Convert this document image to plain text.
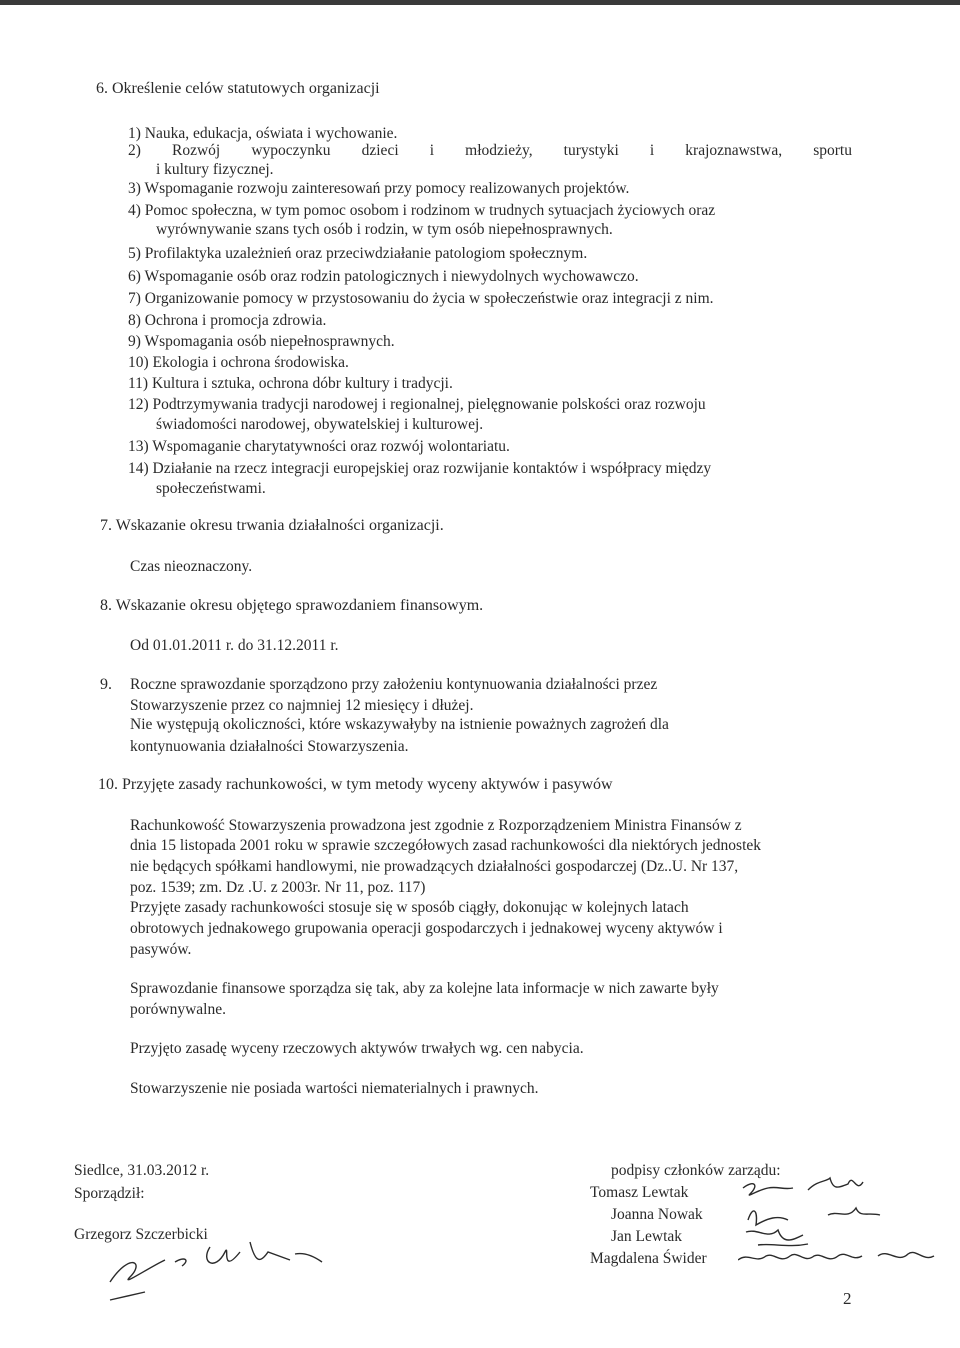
6. Określenie celów statutowych organizacji
1) Nauka, edukacja, oświata i wychowanie.
2) Rozwój wypoczynku dzieci i młodzieży, turystyki i krajoznawstwa, sportu
i kultury fizycznej.
3) Wspomaganie rozwoju zainteresowań przy pomocy realizowanych projektów.
4) Pomoc społeczna, w tym pomoc osobom i rodzinom w trudnych sytuacjach życiowych oraz
wyrównywanie szans tych osób i rodzin, w tym osób niepełnosprawnych.
5) Profilaktyka uzależnień oraz przeciwdziałanie patologiom społecznym.
6) Wspomaganie osób oraz rodzin patologicznych i niewydolnych wychowawczo.
7) Organizowanie pomocy w przystosowaniu do życia w społeczeństwie oraz integracji z nim.
8) Ochrona i promocja zdrowia.
9) Wspomagania osób niepełnosprawnych.
10) Ekologia i ochrona środowiska.
11) Kultura i sztuka, ochrona dóbr kultury i tradycji.
12) Podtrzymywania tradycji narodowej i regionalnej, pielęgnowanie polskości oraz rozwoju
świadomości narodowej, obywatelskiej i kulturowej.
13) Wspomaganie charytatywności oraz rozwój wolontariatu.
14) Działanie na rzecz integracji europejskiej oraz rozwijanie kontaktów i współpracy między
społeczeństwami.
7. Wskazanie okresu trwania działalności organizacji.
Czas nieoznaczony.
8. Wskazanie okresu objętego sprawozdaniem finansowym.
Od 01.01.2011 r. do 31.12.2011 r.
9. Roczne sprawozdanie sporządzono przy założeniu kontynuowania działalności przez
Stowarzyszenie przez co najmniej 12 miesięcy i dłużej.
Nie występują okoliczności, które wskazywałyby na istnienie poważnych zagrożeń dla
kontynuowania działalności Stowarzyszenia.
10. Przyjęte zasady rachunkowości, w tym metody wyceny aktywów i pasywów
Rachunkowość Stowarzyszenia prowadzona jest zgodnie z Rozporządzeniem Ministra Finansów z
dnia 15 listopada 2001 roku w sprawie szczegółowych zasad rachunkowości dla niektórych jednostek
nie będących spółkami handlowymi, nie prowadzących działalności gospodarczej (Dz..U. Nr 137,
poz. 1539; zm. Dz .U. z 2003r. Nr 11, poz. 117)
Przyjęte zasady rachunkowości stosuje się w sposób ciągły, dokonując w kolejnych latach
obrotowych jednakowego grupowania operacji gospodarczych i jednakowej wyceny aktywów i
pasywów.
Sprawozdanie finansowe sporządza się tak, aby za kolejne lata informacje w nich zawarte były
porównywalne.
Przyjęto zasadę wyceny rzeczowych aktywów trwałych wg. cen nabycia.
Stowarzyszenie nie posiada wartości niematerialnych i prawnych.
Siedlce, 31.03.2012 r.
Sporządził:
Grzegorz Szczerbicki
podpisy członków zarządu:
Tomasz Lewtak
Joanna Nowak
Jan Lewtak
Magdalena Świder
2
